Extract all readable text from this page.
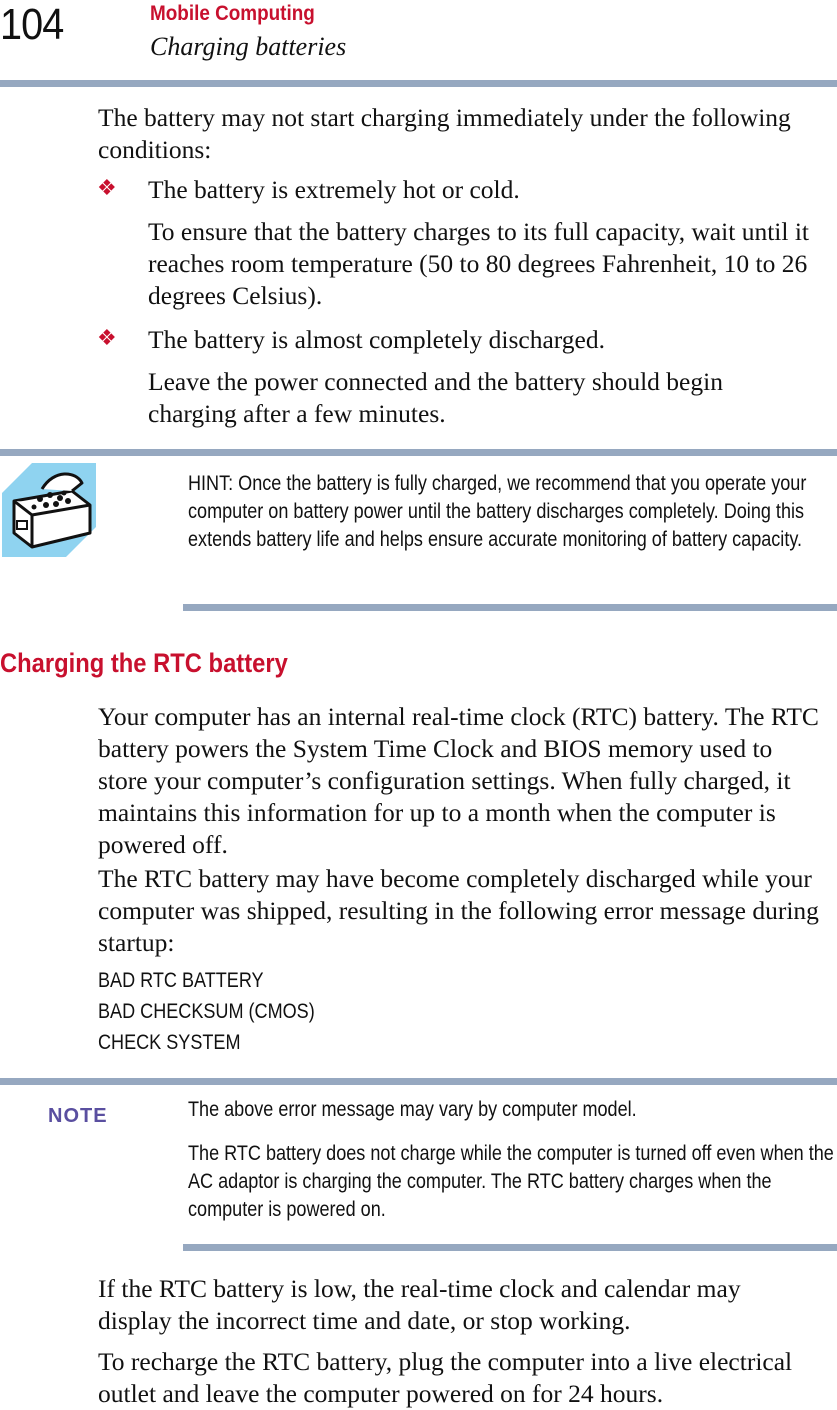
104	Mobile Computing
Charging batteries

The battery may not start charging immediately under the following conditions:

❖ The battery is extremely hot or cold.

To ensure that the battery charges to its full capacity, wait until it reaches room temperature (50 to 80 degrees Fahrenheit, 10 to 26 degrees Celsius).

❖ The battery is almost completely discharged.

Leave the power connected and the battery should begin charging after a few minutes.

HINT: Once the battery is fully charged, we recommend that you operate your computer on battery power until the battery discharges completely. Doing this extends battery life and helps ensure accurate monitoring of battery capacity.
Charging the RTC battery

Your computer has an internal real-time clock (RTC) battery. The RTC battery powers the System Time Clock and BIOS memory used to store your computer’s configuration settings. When fully charged, it maintains this information for up to a month when the computer is powered off.

The RTC battery may have become completely discharged while your computer was shipped, resulting in the following error message during startup:

BAD RTC BATTERY
BAD CHECKSUM (CMOS)
CHECK SYSTEM
NOTE	The above error message may vary by computer model.
The RTC battery does not charge while the computer is turned off even when the AC adaptor is charging the computer. The RTC battery charges when the computer is powered on.

If the RTC battery is low, the real-time clock and calendar may display the incorrect time and date, or stop working.

To recharge the RTC battery, plug the computer into a live electrical outlet and leave the computer powered on for 24 hours.
